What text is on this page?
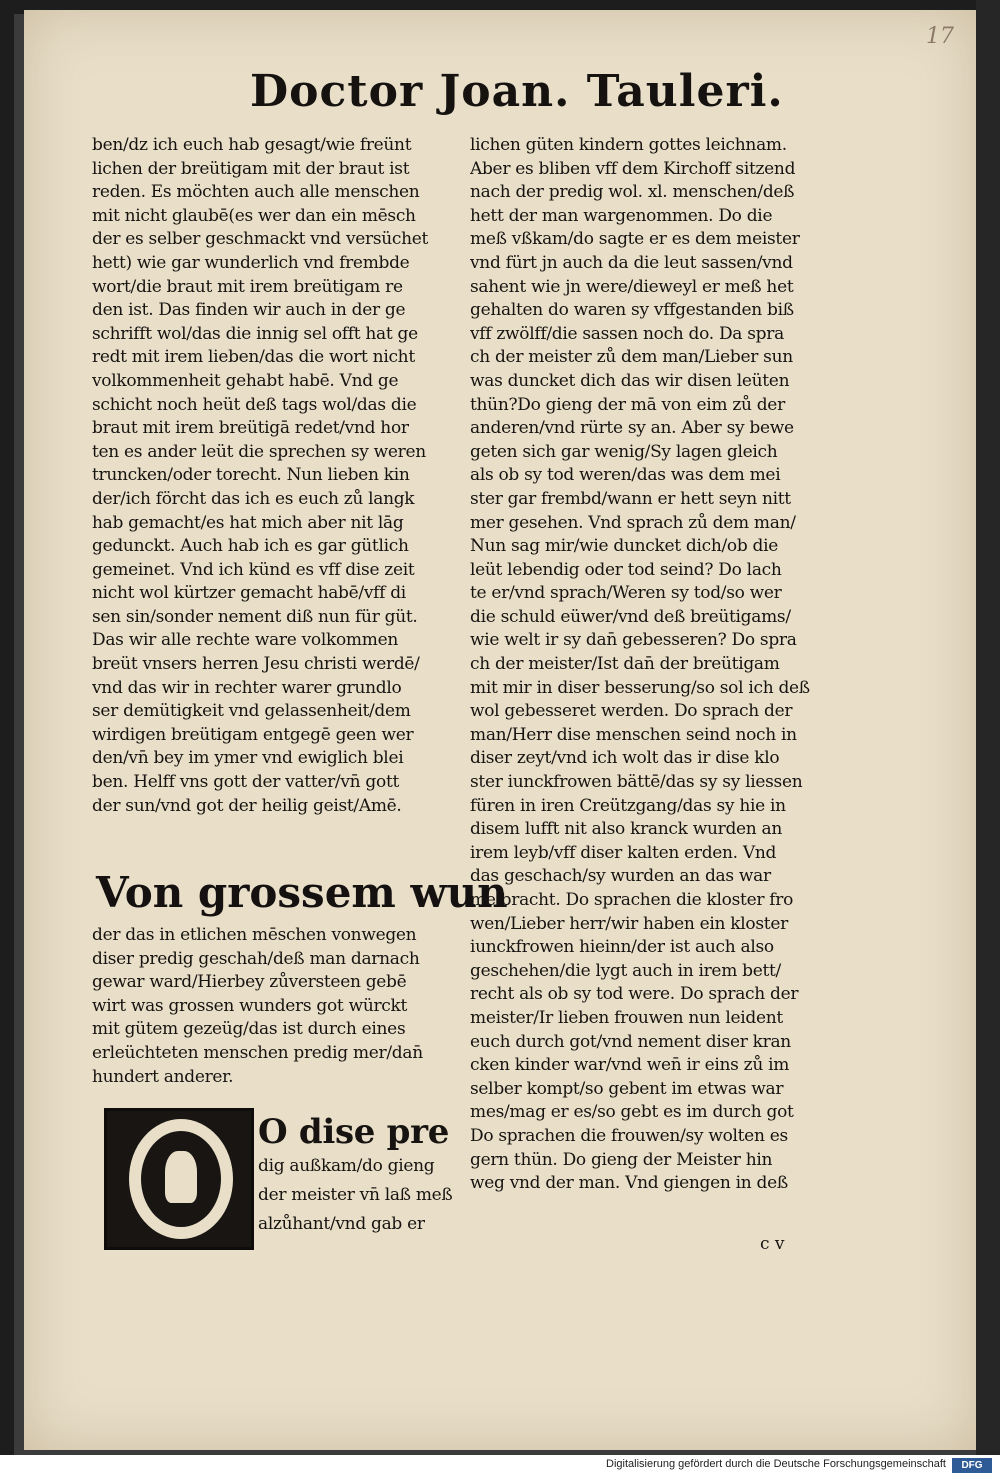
17
Doctor Joan. Tauleri.
ben/dz ich euch hab gesagt/wie freünt
lichen der breütigam mit der braut ist
reden. Es möchten auch alle menschen
mit nicht glaubē(es wer dan ein mēsch
der es selber geschmackt vnd versüchet
hett) wie gar wunderlich vnd frembde
wort/die braut mit irem breütigam re
den ist. Das finden wir auch in der ge
schrifft wol/das die innig sel offt hat ge
redt mit irem lieben/das die wort nicht
volkommenheit gehabt habē. Vnd ge
schicht noch heüt deß tags wol/das die
braut mit irem breütigā redet/vnd hor
ten es ander leüt die sprechen sy weren
truncken/oder torecht. Nun lieben kin
der/ich förcht das ich es euch zů langk
hab gemacht/es hat mich aber nit lāg
gedunckt. Auch hab ich es gar gütlich
gemeinet. Vnd ich künd es vff dise zeit
nicht wol kürtzer gemacht habē/vff di
sen sin/sonder nement diß nun für güt.
Das wir alle rechte ware volkommen
breüt vnsers herren Jesu christi werdē/
vnd das wir in rechter warer grundlo
ser demütigkeit vnd gelassenheit/dem
wirdigen breütigam entgegē geen wer
den/vn̄ bey im ymer vnd ewiglich blei
ben. Helff vns gott der vatter/vn̄ gott
der sun/vnd got der heilig geist/Amē.
Von grossem wun
der das in etlichen mēschen vonwegen
diser predig geschah/deß man darnach
gewar ward/Hierbey zůversteen gebē
wirt was grossen wunders got würckt
mit gütem gezeüg/das ist durch eines
erleüchteten menschen predig mer/dan̄
hundert anderer.
O dise pre
dig außkam/do gieng
der meister vn̄ laß meß
alzůhant/vnd gab er
lichen güten kindern gottes leichnam.
Aber es bliben vff dem Kirchoff sitzend
nach der predig wol. xl. menschen/deß
hett der man wargenommen. Do die
meß vßkam/do sagte er es dem meister
vnd fürt jn auch da die leut sassen/vnd
sahent wie jn were/dieweyl er meß het
gehalten do waren sy vffgestanden biß
vff zwölff/die sassen noch do. Da spra
ch der meister zů dem man/Lieber sun
was duncket dich das wir disen leüten
thün?Do gieng der mā von eim zů der
anderen/vnd rürte sy an. Aber sy bewe
geten sich gar wenig/Sy lagen gleich
als ob sy tod weren/das was dem mei
ster gar frembd/wann er hett seyn nitt
mer gesehen. Vnd sprach zů dem man/
Nun sag mir/wie duncket dich/ob die
leüt lebendig oder tod seind? Do lach
te er/vnd sprach/Weren sy tod/so wer
die schuld eüwer/vnd deß breütigams/
wie welt ir sy dan̄ gebesseren? Do spra
ch der meister/Ist dan̄ der breütigam
mit mir in diser besserung/so sol ich deß
wol gebesseret werden. Do sprach der
man/Herr dise menschen seind noch in
diser zeyt/vnd ich wolt das ir dise klo
ster iunckfrowen bättē/das sy sy liessen
füren in iren Creützgang/das sy hie in
disem lufft nit also kranck wurden an
irem leyb/vff diser kalten erden. Vnd
das geschach/sy wurden an das war
me bracht. Do sprachen die kloster fro
wen/Lieber herr/wir haben ein kloster
iunckfrowen hieinn/der ist auch also
geschehen/die lygt auch in irem bett/
recht als ob sy tod were. Do sprach der
meister/Ir lieben frouwen nun leident
euch durch got/vnd nement diser kran
cken kinder war/vnd wen̄ ir eins zů im
selber kompt/so gebent im etwas war
mes/mag er es/so gebt es im durch got
Do sprachen die frouwen/sy wolten es
gern thün. Do gieng der Meister hin
weg vnd der man. Vnd giengen in deß
c v
Digitalisierung gefördert durch die Deutsche Forschungsgemeinschaft	DFG
